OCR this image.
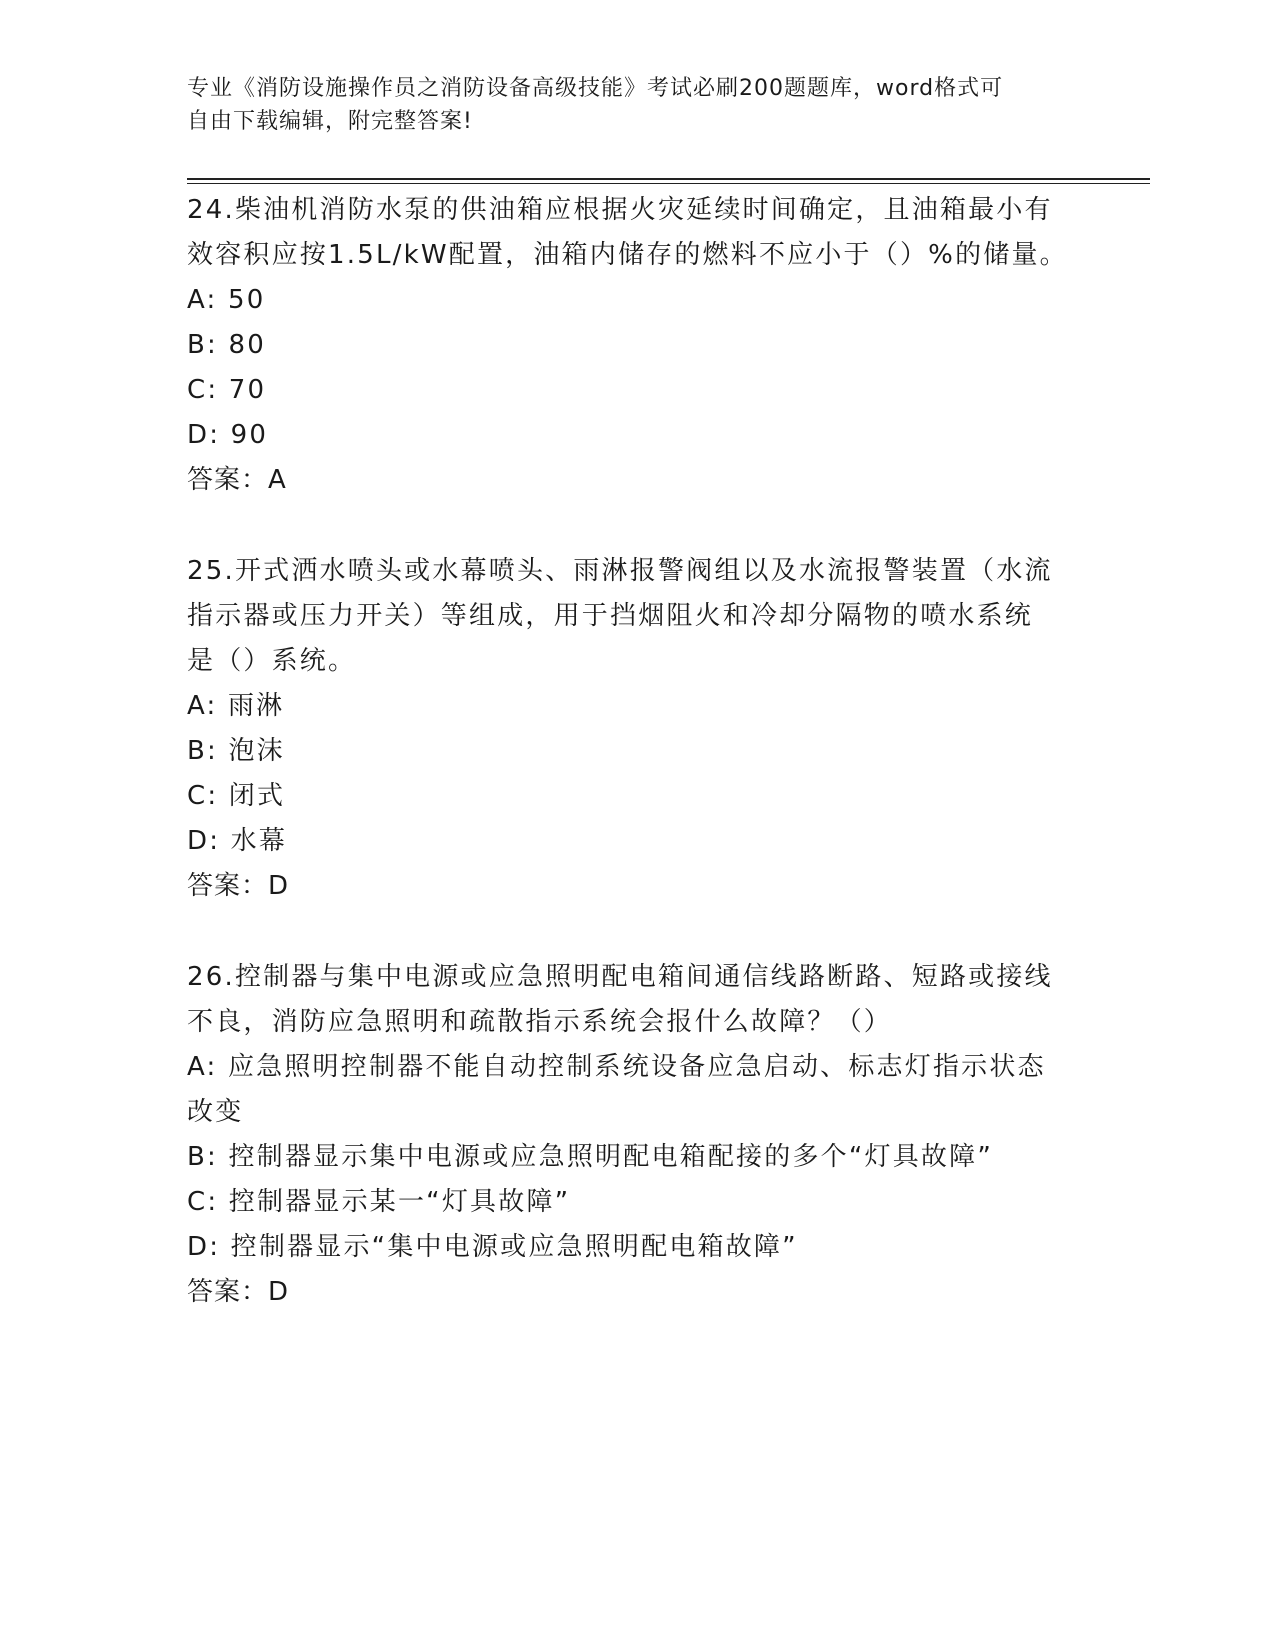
专业《消防设施操作员之消防设备高级技能》考试必刷200题题库，word格式可
自由下载编辑，附完整答案!

24.柴油机消防水泵的供油箱应根据火灾延续时间确定，且油箱最小有

效容积应按1.5L/kW配置，油箱内储存的燃料不应小于（）%的储量。

A: 50

B: 80

C: 70

D: 90

答案：A

25.开式洒水喷头或水幕喷头、雨淋报警阀组以及水流报警装置（水流

指示器或压力开关）等组成，用于挡烟阻火和冷却分隔物的喷水系统

是（）系统。

A: 雨淋

B: 泡沫

C: 闭式

D: 水幕

答案：D

26.控制器与集中电源或应急照明配电箱间通信线路断路、短路或接线

不良，消防应急照明和疏散指示系统会报什么故障？（）

A: 应急照明控制器不能自动控制系统设备应急启动、标志灯指示状态

改变

B: 控制器显示集中电源或应急照明配电箱配接的多个“灯具故障”

C: 控制器显示某一“灯具故障”

D: 控制器显示“集中电源或应急照明配电箱故障”

答案：D
